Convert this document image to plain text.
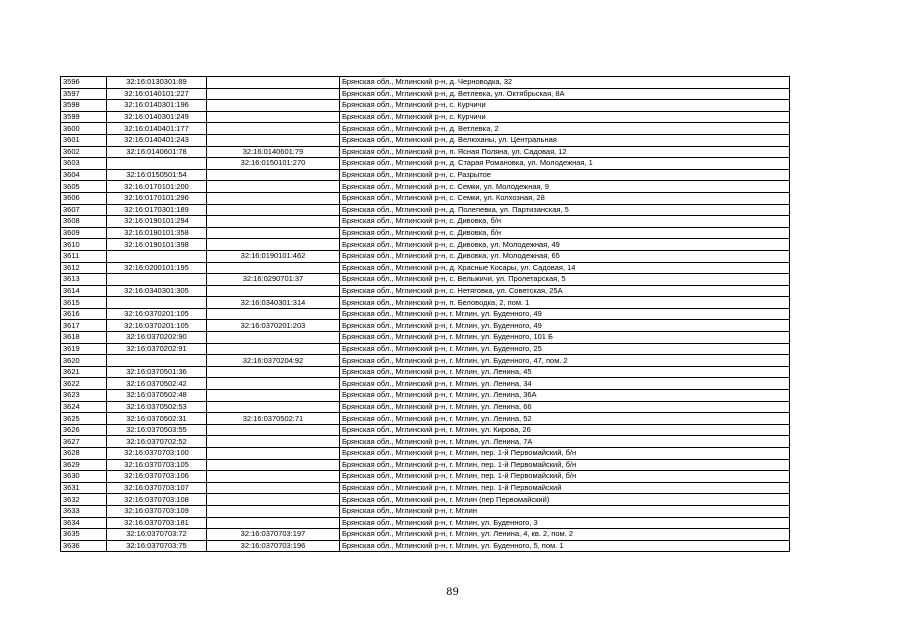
3596	32:16:0130301:89		Брянская обл., Мглинский р-н, д. Черноводка, 32
3597	32:16:0140101:227		Брянская обл., Мглинский р-н, д. Ветлевка, ул. Октябрьская, 8А
3598	32:16:0140301:196		Брянская обл., Мглинский р-н, с. Курчичи
3599	32:16:0140301:249		Брянская обл., Мглинский р-н, с. Курчичи
3600	32:16:0140401:177		Брянская обл., Мглинский р-н, д. Ветлевка, 2
3601	32:16:0140401:243		Брянская обл., Мглинский р-н, д. Велюханы, ул. Центральная
3602	32:16:0140601:78	32:16:0140601:79	Брянская обл., Мглинский р-н, п. Ясная Поляна, ул. Садовая, 12
3603		32:16:0150101:270	Брянская обл., Мглинский р-н, д. Старая Романовка, ул. Молодежная, 1
3604	32:16:0150501:54		Брянская обл., Мглинский р-н, с. Разрытое
3605	32:16:0170101:200		Брянская обл., Мглинский р-н, с. Семки, ул. Молодежная, 9
3606	32:16:0170101:296		Брянская обл., Мглинский р-н, с. Семки, ул. Колхозная, 28
3607	32:16:0170301:189		Брянская обл., Мглинский р-н, д. Полепевка, ул. Партизанская, 5
3608	32:16:0190101:294		Брянская обл., Мглинский р-н, с. Дивовка, б/н
3609	32:16:0190101:358		Брянская обл., Мглинский р-н, с. Дивовка, б/н
3610	32:16:0190101:398		Брянская обл., Мглинский р-н, с. Дивовка, ул. Молодежная, 49
3611		32:16:0190101:462	Брянская обл., Мглинский р-н, с. Дивовка, ул. Молодежная, 65
3612	32:16:0200101:195		Брянская обл., Мглинский р-н, д. Красные Косары, ул. Садовая, 14
3613		32:16:0290701:37	Брянская обл., Мглинский р-н, с. Вельжичи, ул. Пролетарская, 5
3614	32:16:0340301:305		Брянская обл., Мглинский р-н, с. Нетяговка, ул. Советская, 25А
3615		32:16:0340301:314	Брянская обл., Мглинский р-н, п. Беловодка, 2, пом. 1
3616	32:16:0370201:105		Брянская обл., Мглинский р-н, г. Мглин, ул. Буденного, 49
3617	32:16:0370201:105	32:16:0370201:203	Брянская обл., Мглинский р-н, г. Мглин, ул. Буденного, 49
3618	32:16:0370202:90		Брянская обл., Мглинский р-н, г. Мглин, ул. Буденного, 101 Б
3619	32:16:0370202:91		Брянская обл., Мглинский р-н, г. Мглин, ул. Буденного, 25
3620		32:16:0370204:92	Брянская обл., Мглинский р-н, г. Мглин, ул. Буденного, 47, пом. 2
3621	32:16:0370501:36		Брянская обл., Мглинский р-н, г. Мглин, ул. Ленина, 45
3622	32:16:0370502:42		Брянская обл., Мглинский р-н, г. Мглин, ул. Ленина, 34
3623	32:16:0370502:48		Брянская обл., Мглинский р-н, г. Мглин, ул. Ленина, 36А
3624	32:16:0370502:53		Брянская обл., Мглинский р-н, г. Мглин, ул. Ленина, 66
3625	32:16:0370502:31	32:16:0370502:71	Брянская обл., Мглинский р-н, г. Мглин, ул. Ленина, 52
3626	32:16:0370503:55		Брянская обл., Мглинский р-н, г. Мглин, ул. Кирова, 26
3627	32:16:0370702:52		Брянская обл., Мглинский р-н, г. Мглин, ул. Ленина, 7А
3628	32:16:0370703:100		Брянская обл., Мглинский р-н, г. Мглин, пер. 1-й Первомайский, б/н
3629	32:16:0370703:105		Брянская обл., Мглинский р-н, г. Мглин, пер. 1-й Первомайский, б/н
3630	32:16:0370703:106		Брянская обл., Мглинский р-н, г. Мглин, пер. 1-й Первомайский, б/н
3631	32:16:0370703:107		Брянская обл., Мглинский р-н, г. Мглин, пер. 1-й Первомайский
3632	32:16:0370703:108		Брянская обл., Мглинский р-н, г. Мглин (пер Первомайский)
3633	32:16:0370703:109		Брянская обл., Мглинский р-н, г. Мглин
3634	32:16:0370703:181		Брянская обл., Мглинский р-н, г. Мглин, ул. Буденного, 3
3635	32:16:0370703:72	32:16:0370703:197	Брянская обл., Мглинский р-н, г. Мглин, ул. Ленина, 4, кв. 2, пом. 2
3636	32:16:0370703:75	32:16:0370703:196	Брянская обл., Мглинский р-н, г. Мглин, ул. Буденного, 5, пом. 1
89
